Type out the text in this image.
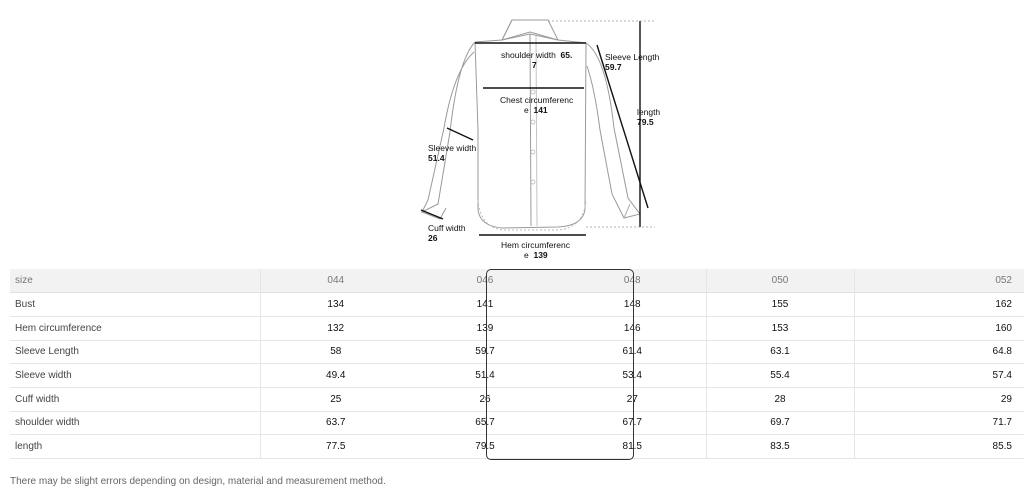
shoulder width 65.
7
Sleeve Length
59.7
Chest circumferenc
e 141	length
79.5
Sleeve width
51.4
Cuff width
26
Hem circumferenc
e 139
size	044	046	048	050	052
Bust	134	141	148	155	162
Hem circumference	132	139	146	153	160
Sleeve Length	58	59.7	61.4	63.1	64.8
Sleeve width	49.4	51.4	53.4	55.4	57.4
Cuff width	25	26	27	28	29
shoulder width	63.7	65.7	67.7	69.7	71.7
length	77.5	79.5	81.5	83.5	85.5
There may be slight errors depending on design, material and measurement method.
